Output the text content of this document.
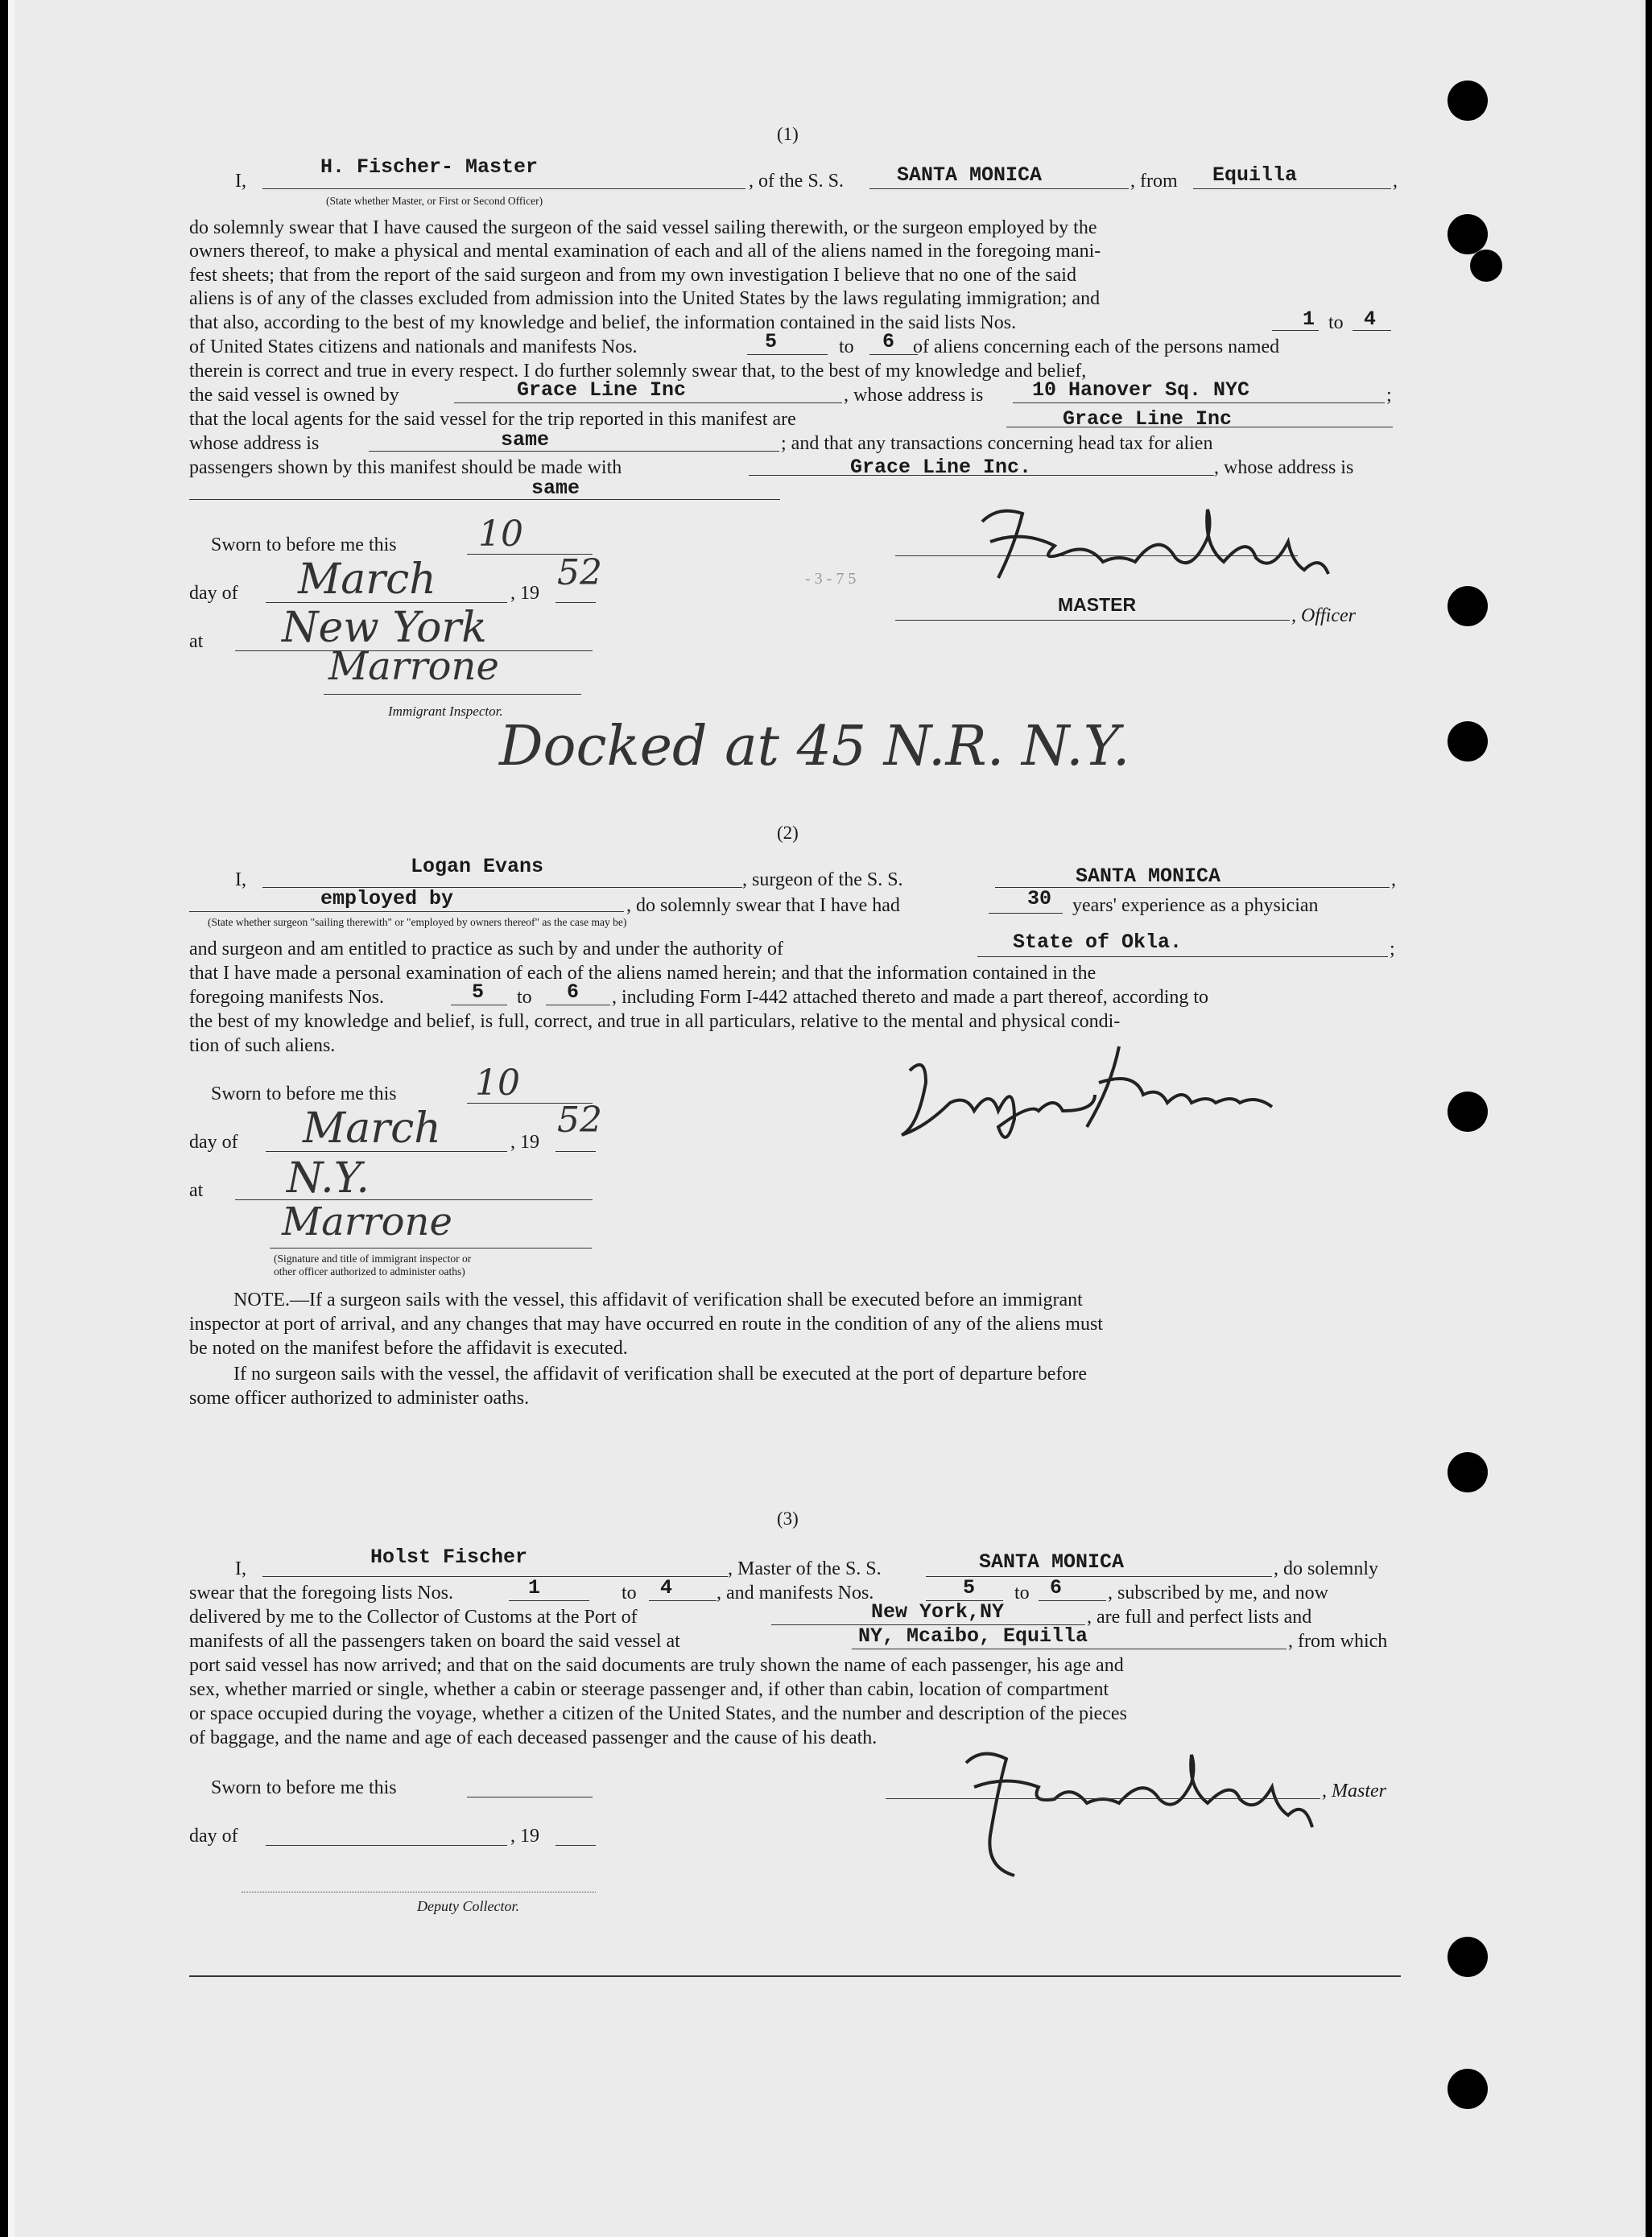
(1)
I,
H. Fischer- Master
(State whether Master, or First or Second Officer)
, of the S. S.	SANTA MONICA	, from Equilla	,
do solemnly swear that I have caused the surgeon of the said vessel sailing therewith, or the surgeon employed by the
owners thereof, to make a physical and mental examination of each and all of the aliens named in the foregoing mani-
fest sheets; that from the report of the said surgeon and from my own investigation I believe that no one of the said
aliens is of any of the classes excluded from admission into the United States by the laws regulating immigration; and
that also, according to the best of my knowledge and belief, the information contained in the said lists Nos.	1 to 4
of United States citizens and nationals and manifests Nos.	5	to 6 of aliens concerning each of the persons named
therein is correct and true in every respect. I do further solemnly swear that, to the best of my knowledge and belief,
the said vessel is owned by	Grace Line Inc	, whose address is 10 Hanover Sq. NYC	;
that the local agents for the said vessel for the trip reported in this manifest are	Grace Line Inc
whose address is	same	; and that any transactions concerning head tax for alien
passengers shown by this manifest should be made with	Grace Line Inc.	, whose address is
same
Sworn to before me this 10
day of March	, 19 52
at New York
Marrone
Immigrant Inspector.
- 3 - 7 5
MASTER
, Officer
Docked at 45 N.R. N.Y.
(2)
I,
Logan Evans
, surgeon of the S. S.	SANTA MONICA	,
employed by
(State whether surgeon "sailing therewith" or "employed by owners thereof" as the case may be)
, do solemnly swear that I have had	30 years' experience as a physician
and surgeon and am entitled to practice as such by and under the authority of	State of Okla.	;
that I have made a personal examination of each of the aliens named herein; and that the information contained in the
foregoing manifests Nos.	5 to 6 , including Form I-442 attached thereto and made a part thereof, according to
the best of my knowledge and belief, is full, correct, and true in all particulars, relative to the mental and physical condi-
tion of such aliens.
Sworn to before me this 10
day of March	, 19
52
at N.Y.
Marrone
(Signature and title of immigrant inspector or
other officer authorized to administer oaths)
NOTE.—If a surgeon sails with the vessel, this affidavit of verification shall be executed before an immigrant
inspector at port of arrival, and any changes that may have occurred en route in the condition of any of the aliens must
be noted on the manifest before the affidavit is executed.
If no surgeon sails with the vessel, the affidavit of verification shall be executed at the port of departure before
some officer authorized to administer oaths.
(3)
I,	Holst Fischer	, Master of the S. S.	SANTA MONICA	, do solemnly
swear that the foregoing lists Nos.	1	to 4 , and manifests Nos.	5 to 6 , subscribed by me, and now
delivered by me to the Collector of Customs at the Port of	New York,NY	, are full and perfect lists and
manifests of all the passengers taken on board the said vessel at	NY, Mcaibo, Equilla	, from which
port said vessel has now arrived; and that on the said documents are truly shown the name of each passenger, his age and
sex, whether married or single, whether a cabin or steerage passenger and, if other than cabin, location of compartment
or space occupied during the voyage, whether a citizen of the United States, and the number and description of the pieces
of baggage, and the name and age of each deceased passenger and the cause of his death.
Sworn to before me this
day of	, 19
Deputy Collector.
, Master
